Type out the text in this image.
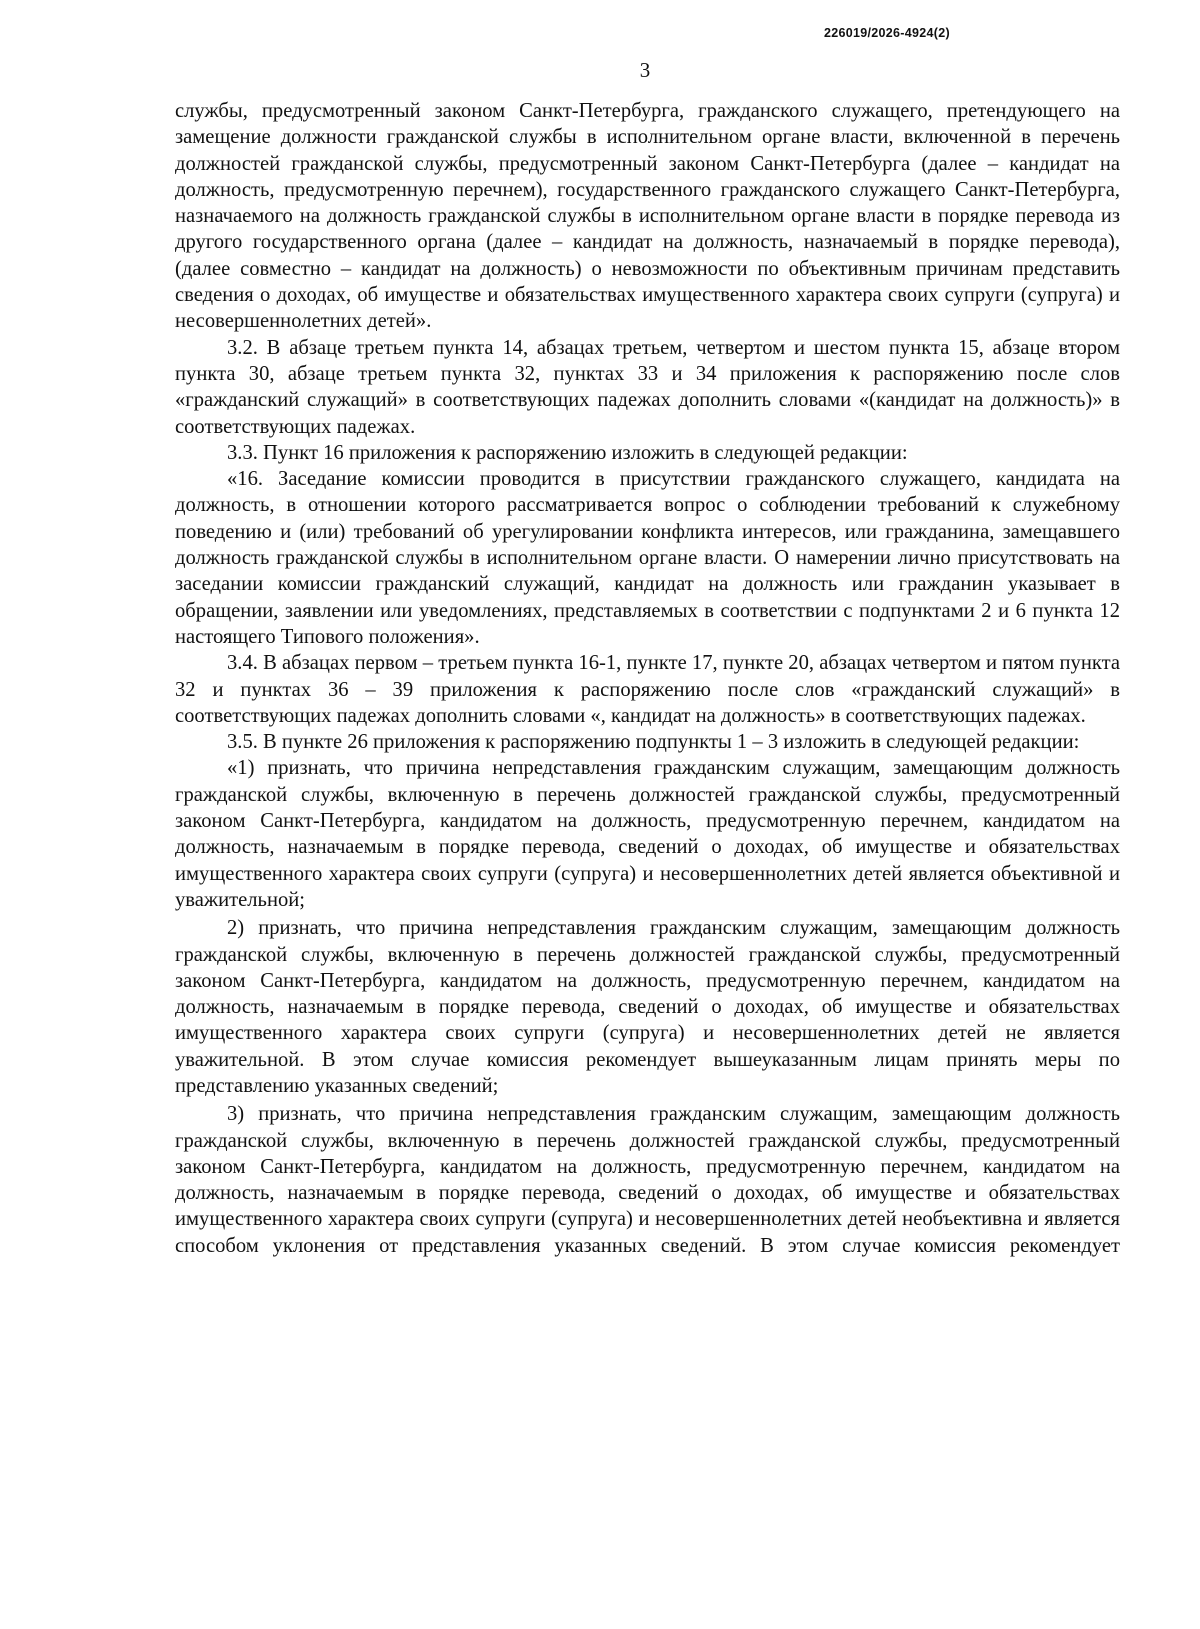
226019/2026-4924(2)
3

службы, предусмотренный законом Санкт-Петербурга, гражданского служащего, претендующего на замещение должности гражданской службы в исполнительном органе власти, включенной в перечень должностей гражданской службы, предусмотренный законом Санкт-Петербурга (далее – кандидат на должность, предусмотренную перечнем), государственного гражданского служащего Санкт-Петербурга, назначаемого на должность гражданской службы в исполнительном органе власти в порядке перевода из другого государственного органа (далее – кандидат на должность, назначаемый в порядке перевода), (далее совместно – кандидат на должность) о невозможности по объективным причинам представить сведения о доходах, об имуществе и обязательствах имущественного характера своих супруги (супруга) и несовершеннолетних детей».

3.2. В абзаце третьем пункта 14, абзацах третьем, четвертом и шестом пункта 15, абзаце втором пункта 30, абзаце третьем пункта 32, пунктах 33 и 34 приложения к распоряжению после слов «гражданский служащий» в соответствующих падежах дополнить словами «(кандидат на должность)» в соответствующих падежах.

3.3. Пункт 16 приложения к распоряжению изложить в следующей редакции:

«16. Заседание комиссии проводится в присутствии гражданского служащего, кандидата на должность, в отношении которого рассматривается вопрос о соблюдении требований к служебному поведению и (или) требований об урегулировании конфликта интересов, или гражданина, замещавшего должность гражданской службы в исполнительном органе власти. О намерении лично присутствовать на заседании комиссии гражданский служащий, кандидат на должность или гражданин указывает в обращении, заявлении или уведомлениях, представляемых в соответствии с подпунктами 2 и 6 пункта 12 настоящего Типового положения».

3.4. В абзацах первом – третьем пункта 16-1, пункте 17, пункте 20, абзацах четвертом и пятом пункта 32 и пунктах 36 – 39 приложения к распоряжению после слов «гражданский служащий» в соответствующих падежах дополнить словами «, кандидат на должность» в соответствующих падежах.

3.5. В пункте 26 приложения к распоряжению подпункты 1 – 3 изложить в следующей редакции:

«1) признать, что причина непредставления гражданским служащим, замещающим должность гражданской службы, включенную в перечень должностей гражданской службы, предусмотренный законом Санкт-Петербурга, кандидатом на должность, предусмотренную перечнем, кандидатом на должность, назначаемым в порядке перевода, сведений о доходах, об имуществе и обязательствах имущественного характера своих супруги (супруга) и несовершеннолетних детей является объективной и уважительной;

2) признать, что причина непредставления гражданским служащим, замещающим должность гражданской службы, включенную в перечень должностей гражданской службы, предусмотренный законом Санкт-Петербурга, кандидатом на должность, предусмотренную перечнем, кандидатом на должность, назначаемым в порядке перевода, сведений о доходах, об имуществе и обязательствах имущественного характера своих супруги (супруга) и несовершеннолетних детей не является уважительной. В этом случае комиссия рекомендует вышеуказанным лицам принять меры по представлению указанных сведений;

3) признать, что причина непредставления гражданским служащим, замещающим должность гражданской службы, включенную в перечень должностей гражданской службы, предусмотренный законом Санкт-Петербурга, кандидатом на должность, предусмотренную перечнем, кандидатом на должность, назначаемым в порядке перевода, сведений о доходах, об имуществе и обязательствах имущественного характера своих супруги (супруга) и несовершеннолетних детей необъективна и является способом уклонения от представления указанных сведений. В этом случае комиссия рекомендует
